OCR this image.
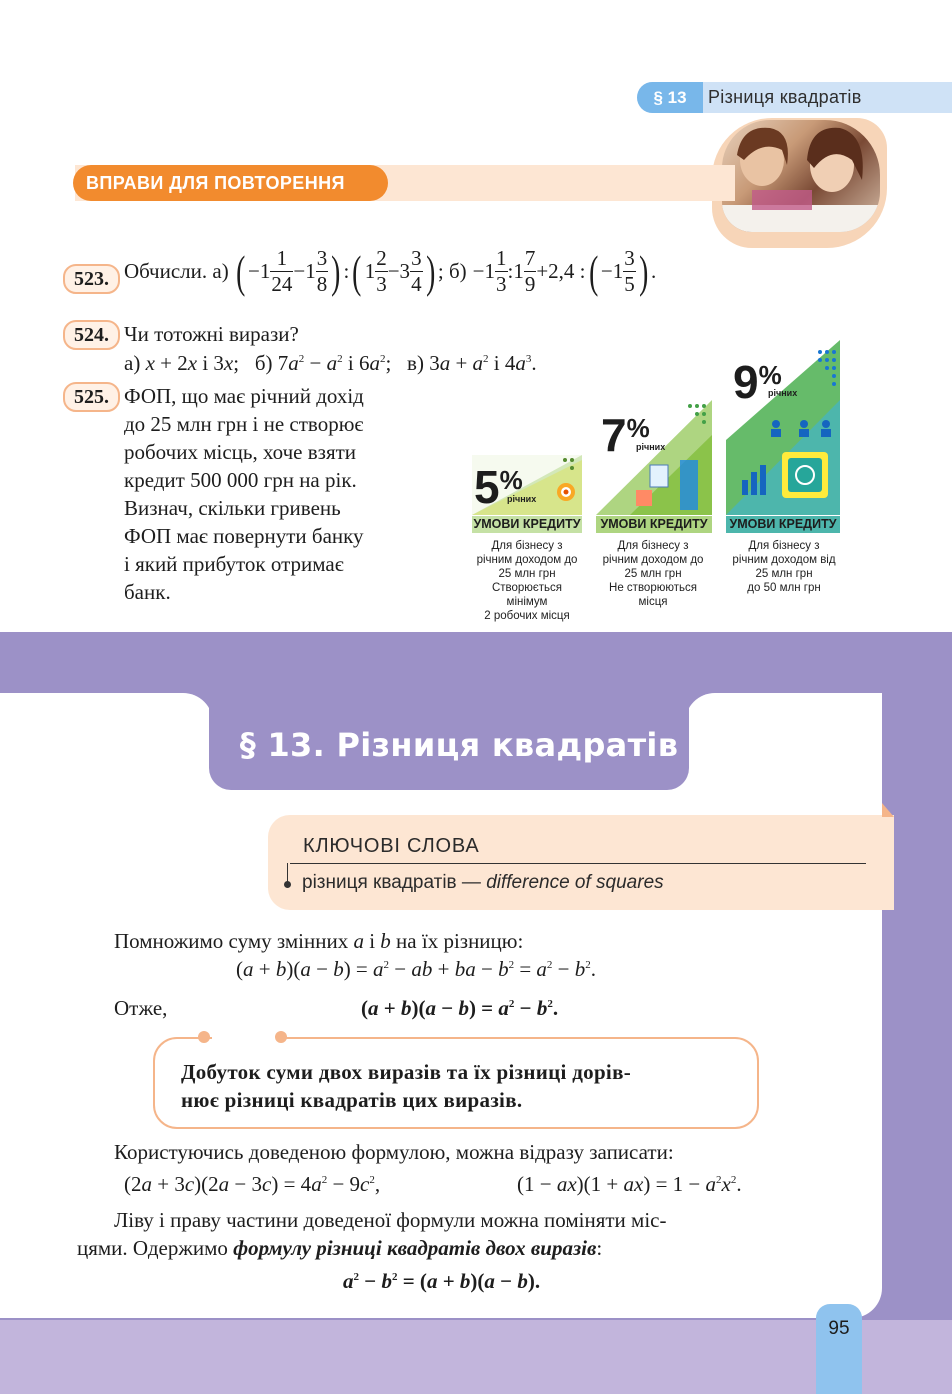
§ 13	Різниця квадратів
ВПРАВИ ДЛЯ ПОВТОРЕННЯ
523. Обчисли. а) ( $-1 \frac{1}{24} -1 \frac{3}{8}$ ) : ( $1 \frac{2}{3} -3 \frac{3}{4}$ ) ; $б) -1 \frac{1}{3}$ :1 $\frac{7}{9} +2,4$ : ( $-1 \frac{3}{5}$ ) .
524. Чи тотожні вирази?
а) x + 2x і 3x;   б) $7a^2 - a^2$ і $6a^2$;   в) $3a + a^2$ і $4a^3$.
525. ФОП, що має річний дохід
до 25 млн грн і не створює
робочих місць, хоче взяти
кредит 500 000 грн на рік.
Визнач, скільки гривень
ФОП має повернути банку
і який прибуток отримає
банк.
5%
річних
7%
річних
9%
річних
УМОВИ КРЕДИТУ	УМОВИ КРЕДИТУ	УМОВИ КРЕДИТУ
Для бізнесу з
річним доходом до
25 млн грн
Створюється
мінімум
2 робочих місця
Для бізнесу з
річним доходом до
25 млн грн
Не створюються
місця
Для бізнесу з
річним доходом від
25 млн грн
до 50 млн грн
§ 13. Різниця квадратів
КЛЮЧОВІ СЛОВА
різниця квадратів — difference of squares
Помножимо суму змінних a і b на їх різницю:
$(a + b)(a - b) = a^2$ − ab + ba − $b^2 = a^2 - b^2$.
Отже,	$(a + b)(a - b) = a^2 - b^2$.
Добуток суми двох виразів та їх різниці дорів-
нює різниці квадратів цих виразів.
Користуючись доведеною формулою, можна відразу записати:
$(2a + 3c)(2a - 3c) = 4a^2 - 9c^2$,	$(1 - ax)(1 + ax) = 1 - a^2x^2$.
Ліву і праву частини доведеної формули можна поміняти міс-
цями. Одержимо формулу різниці квадратів двох виразів:
$a^2 - b^2 = (a + b)(a - b)$.
95
